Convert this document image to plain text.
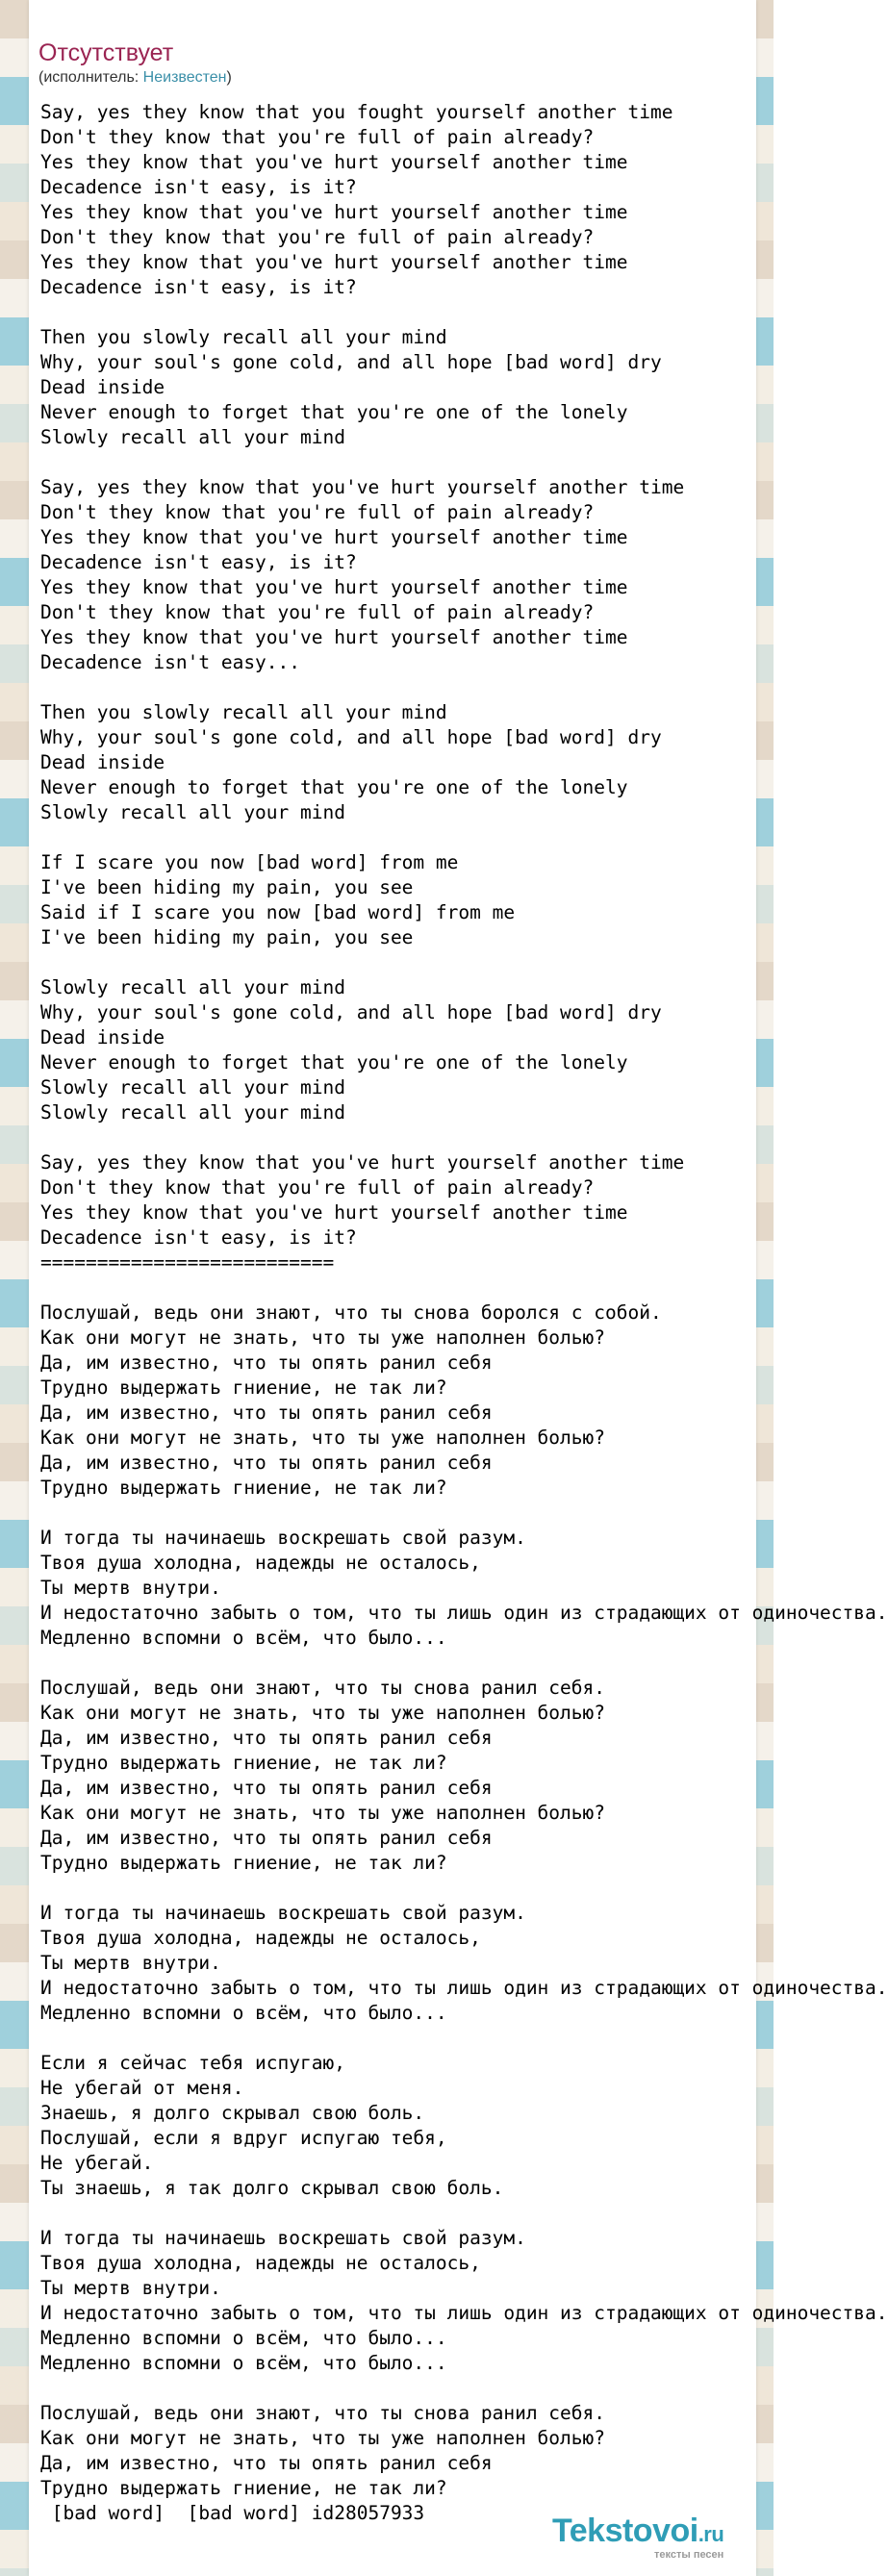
Отсутствует
(исполнитель: Неизвестен)
Say, yes they know that you fought yourself another time
Don't they know that you're full of pain already?
Yes they know that you've hurt yourself another time
Decadence isn't easy, is it?
Yes they know that you've hurt yourself another time
Don't they know that you're full of pain already?
Yes they know that you've hurt yourself another time
Decadence isn't easy, is it?

Then you slowly recall all your mind
Why, your soul's gone cold, and all hope [bad word] dry
Dead inside
Never enough to forget that you're one of the lonely
Slowly recall all your mind

Say, yes they know that you've hurt yourself another time
Don't they know that you're full of pain already?
Yes they know that you've hurt yourself another time
Decadence isn't easy, is it?
Yes they know that you've hurt yourself another time
Don't they know that you're full of pain already?
Yes they know that you've hurt yourself another time
Decadence isn't easy...

Then you slowly recall all your mind
Why, your soul's gone cold, and all hope [bad word] dry
Dead inside
Never enough to forget that you're one of the lonely
Slowly recall all your mind

If I scare you now [bad word] from me
I've been hiding my pain, you see
Said if I scare you now [bad word] from me
I've been hiding my pain, you see

Slowly recall all your mind
Why, your soul's gone cold, and all hope [bad word] dry
Dead inside
Never enough to forget that you're one of the lonely
Slowly recall all your mind
Slowly recall all your mind

Say, yes they know that you've hurt yourself another time
Don't they know that you're full of pain already?
Yes they know that you've hurt yourself another time
Decadence isn't easy, is it?
==========================

Послушай, ведь они знают, что ты снова боролся с собой.
Как они могут не знать, что ты уже наполнен болью?
Да, им известно, что ты опять ранил себя
Трудно выдержать гниение, не так ли?
Да, им известно, что ты опять ранил себя
Как они могут не знать, что ты уже наполнен болью?
Да, им известно, что ты опять ранил себя
Трудно выдержать гниение, не так ли?

И тогда ты начинаешь воскрешать свой разум.
Твоя душа холодна, надежды не осталось,
Ты мертв внутри.
И недостаточно забыть о том, что ты лишь один из страдающих от одиночества.
Медленно вспомни о всём, что было...

Послушай, ведь они знают, что ты снова ранил себя.
Как они могут не знать, что ты уже наполнен болью?
Да, им известно, что ты опять ранил себя
Трудно выдержать гниение, не так ли?
Да, им известно, что ты опять ранил себя
Как они могут не знать, что ты уже наполнен болью?
Да, им известно, что ты опять ранил себя
Трудно выдержать гниение, не так ли?

И тогда ты начинаешь воскрешать свой разум.
Твоя душа холодна, надежды не осталось,
Ты мертв внутри.
И недостаточно забыть о том, что ты лишь один из страдающих от одиночества.
Медленно вспомни о всём, что было...

Если я сейчас тебя испугаю,
Не убегай от меня.
Знаешь, я долго скрывал свою боль.
Послушай, если я вдруг испугаю тебя,
Не убегай.
Ты знаешь, я так долго скрывал свою боль.

И тогда ты начинаешь воскрешать свой разум.
Твоя душа холодна, надежды не осталось,
Ты мертв внутри.
И недостаточно забыть о том, что ты лишь один из страдающих от одиночества.
Медленно вспомни о всём, что было...
Медленно вспомни о всём, что было...

Послушай, ведь они знают, что ты снова ранил себя.
Как они могут не знать, что ты уже наполнен болью?
Да, им известно, что ты опять ранил себя
Трудно выдержать гниение, не так ли?
[bad word]  [bad word] id28057933	Tekstovoi.ru
тексты песен
